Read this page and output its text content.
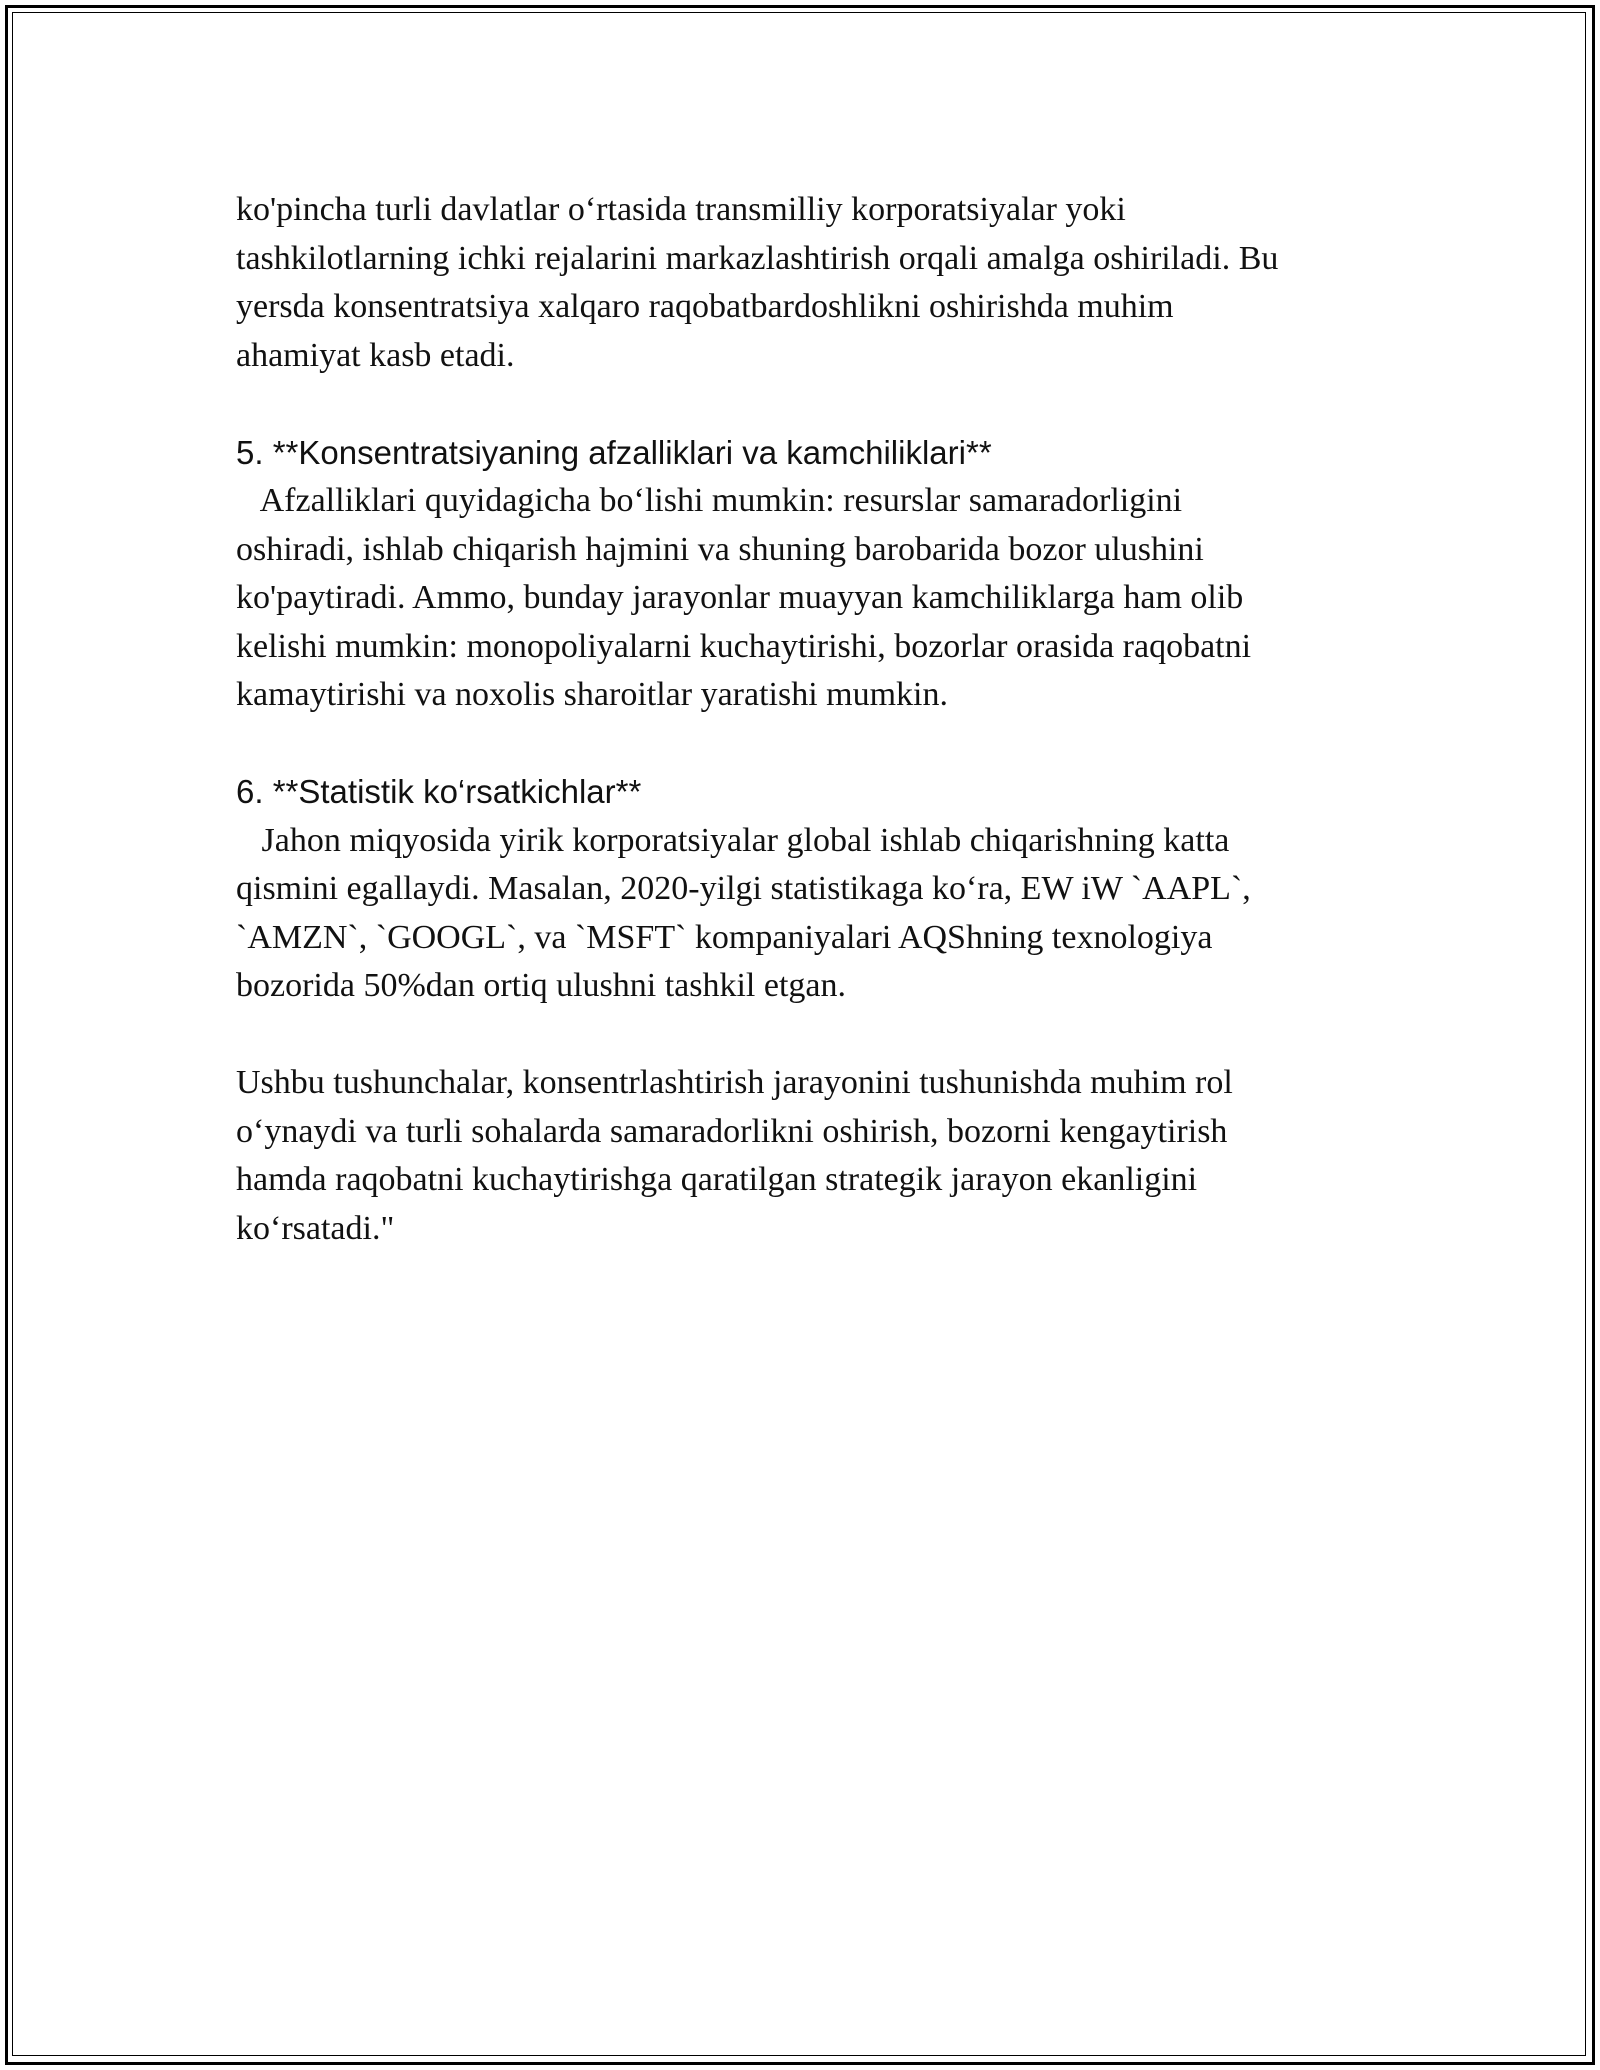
ko'pincha turli davlatlar o‘rtasida transmilliy korporatsiyalar yoki
tashkilotlarning ichki rejalarini markazlashtirish orqali amalga oshiriladi. Bu
yersda konsentratsiya xalqaro raqobatbardoshlikni oshirishda muhim
ahamiyat kasb etadi.
5. **Konsentratsiyaning afzalliklari va kamchiliklari**
Afzalliklari quyidagicha bo‘lishi mumkin: resurslar samaradorligini
oshiradi, ishlab chiqarish hajmini va shuning barobarida bozor ulushini
ko'paytiradi. Ammo, bunday jarayonlar muayyan kamchiliklarga ham olib
kelishi mumkin: monopoliyalarni kuchaytirishi, bozorlar orasida raqobatni
kamaytirishi va noxolis sharoitlar yaratishi mumkin.
6. **Statistik ko‘rsatkichlar**
Jahon miqyosida yirik korporatsiyalar global ishlab chiqarishning katta
qismini egallaydi. Masalan, 2020-yilgi statistikaga ko‘ra, EW iW `AAPL`,
`AMZN`, `GOOGL`, va `MSFT` kompaniyalari AQShning texnologiya
bozorida 50%dan ortiq ulushni tashkil etgan.
Ushbu tushunchalar, konsentrlashtirish jarayonini tushunishda muhim rol
o‘ynaydi va turli sohalarda samaradorlikni oshirish, bozorni kengaytirish
hamda raqobatni kuchaytirishga qaratilgan strategik jarayon ekanligini
ko‘rsatadi."
